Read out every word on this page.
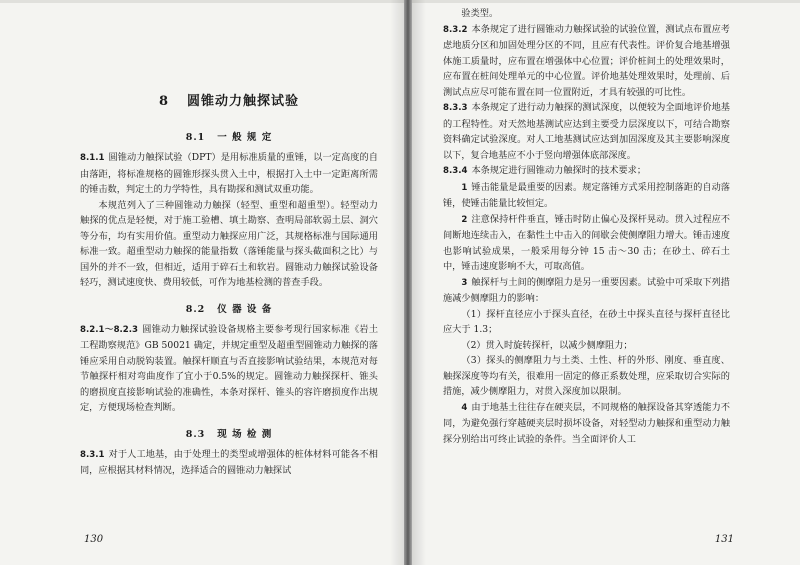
8 圆锥动力触探试验
8.1 一 般 规 定

8.1.1 圆锥动力触探试验（DPT）是用标准质量的重锤，以一定高度的自由落距，将标准规格的圆锥形探头贯入土中，根据打入土中一定距离所需的锤击数，判定土的力学特性，具有勘探和测试双重功能。

本规范列入了三种圆锥动力触探（轻型、重型和超重型）。轻型动力触探的优点是轻便，对于施工验槽、填土勘察、查明局部软弱土层、洞穴等分布，均有实用价值。重型动力触探应用广泛，其规格标准与国际通用标准一致。超重型动力触探的能量指数（落锤能量与探头截面积之比）与国外的并不一致，但相近，适用于碎石土和软岩。圆锥动力触探试验设备轻巧，测试速度快、费用较低，可作为地基检测的普查手段。

8.2 仪 器 设 备

8.2.1～8.2.3 圆锥动力触探试验设备规格主要参考现行国家标准《岩土工程勘察规范》GB 50021 确定，并规定重型及超重型圆锥动力触探的落锤应采用自动脱钩装置。触探杆顺直与否直接影响试验结果，本规范对每节触探杆相对弯曲度作了宜小于0.5%的规定。圆锥动力触探探杆、锥头的磨损度直接影响试验的准确性，本条对探杆、锥头的容许磨损度作出规定，方便现场检查判断。

8.3 现 场 检 测

8.3.1 对于人工地基，由于处理土的类型或增强体的桩体材料可能各不相同，应根据其材料情况，选择适合的圆锥动力触探试

130

验类型。

8.3.2 本条规定了进行圆锥动力触探试验的试验位置，测试点布置应考虑地质分区和加固处理分区的不同，且应有代表性。评价复合地基增强体施工质量时，应布置在增强体中心位置；评价桩间土的处理效果时，应布置在桩间处理单元的中心位置。评价地基处理效果时，处理前、后测试点应尽可能布置在同一位置附近，才具有较强的可比性。

8.3.3 本条规定了进行动力触探的测试深度，以便较为全面地评价地基的工程特性。对天然地基测试应达到主要受力层深度以下，可结合勘察资料确定试验深度。对人工地基测试应达到加固深度及其主要影响深度以下，复合地基应不小于竖向增强体底部深度。

8.3.4 本条规定进行圆锥动力触探时的技术要求；

1 锤击能量是最重要的因素。规定落锤方式采用控制落距的自动落锤，使锤击能量比较恒定。

2 注意保持杆件垂直，锤击时防止偏心及探杆晃动。贯入过程应不间断地连续击入，在黏性土中击入的间歇会使侧摩阻力增大。锤击速度也影响试验成果，一般采用每分钟 15 击～30 击；在砂土、碎石土中，锤击速度影响不大，可取高值。

3 触探杆与土间的侧摩阻力是另一重要因素。试验中可采取下列措施减少侧摩阻力的影响：

（1）探杆直径应小于探头直径，在砂土中探头直径与探杆直径比应大于 1.3；

（2）贯入时旋转探杆，以减少侧摩阻力；

（3）探头的侧摩阻力与土类、土性、杆的外形、刚度、垂直度、触探深度等均有关，很难用一固定的修正系数处理，应采取切合实际的措施，减少侧摩阻力，对贯入深度加以限制。

4 由于地基土往往存在硬夹层，不同规格的触探设备其穿透能力不同，为避免强行穿越硬夹层时损坏设备，对轻型动力触探和重型动力触探分别给出可终止试验的条件。当全面评价人工

131
